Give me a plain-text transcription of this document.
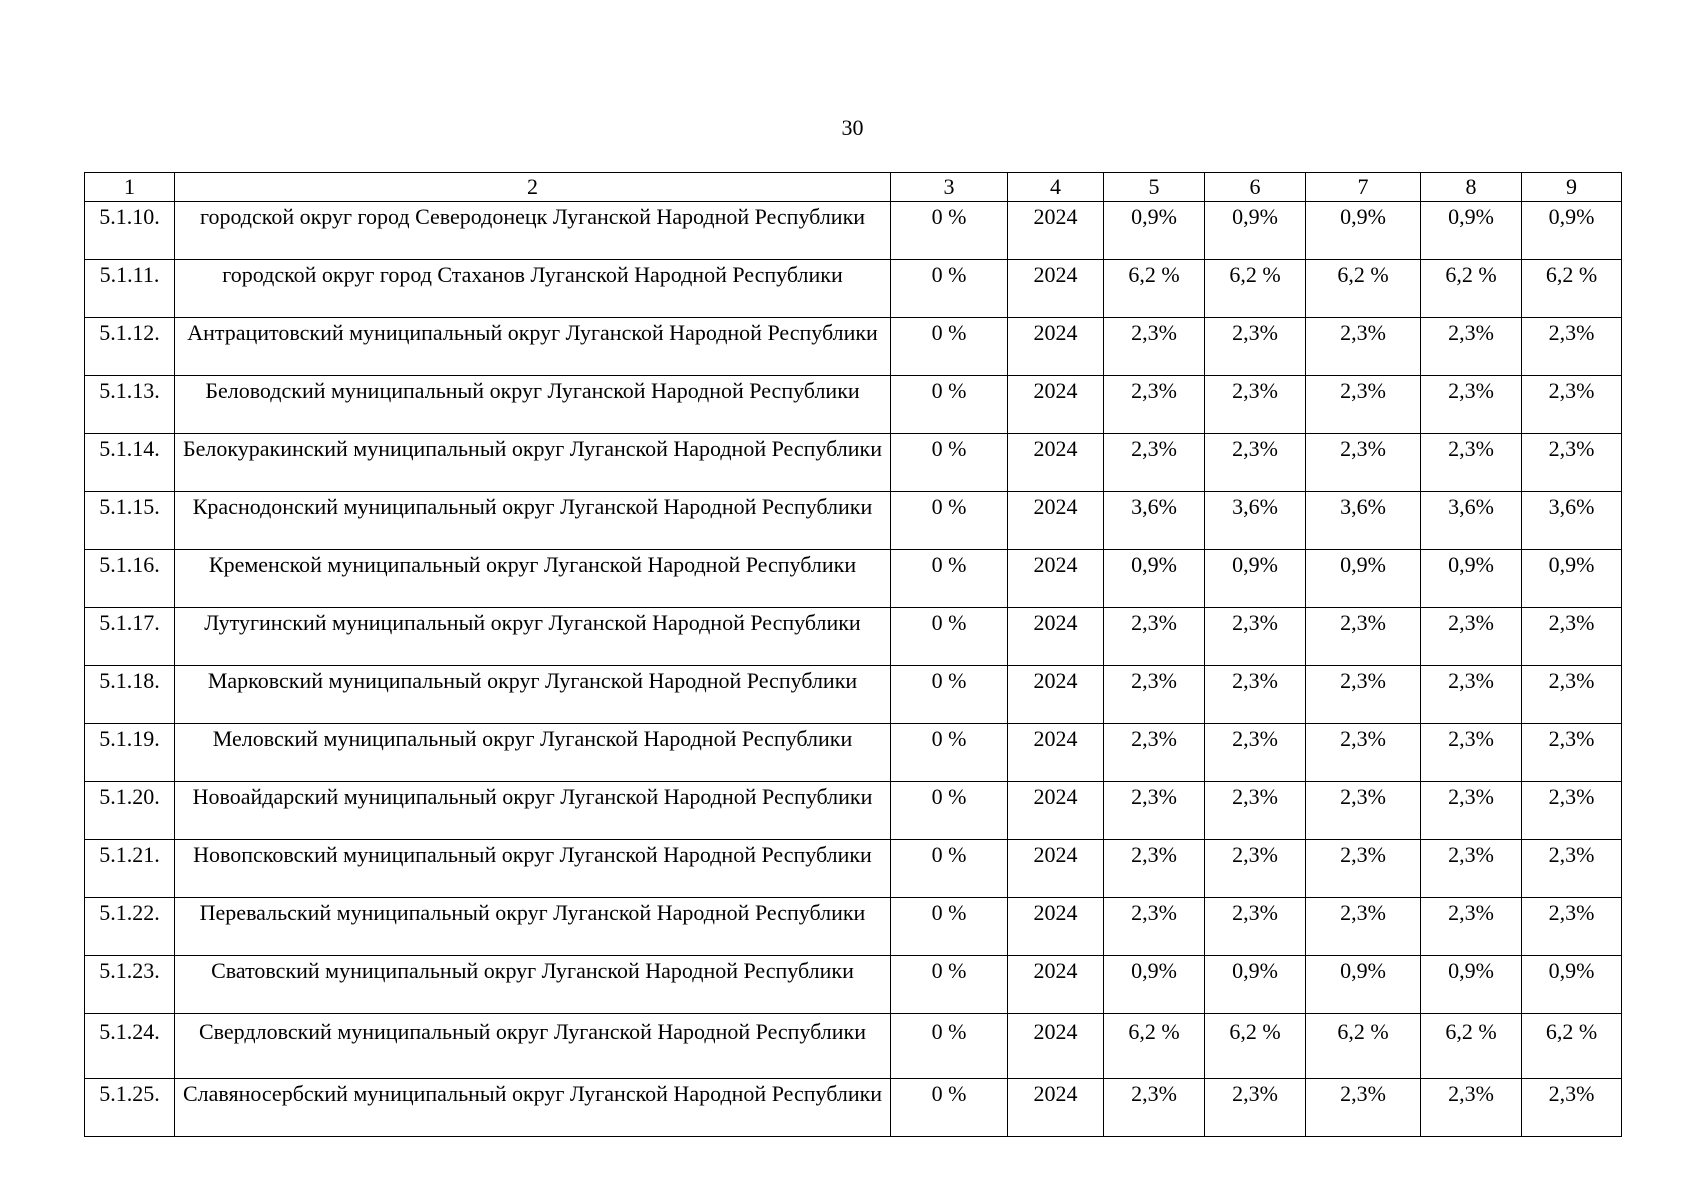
30
1	2	3	4	5	6	7	8	9
5.1.10.	городской округ город Северодонецк Луганской Народной Республики	0 %	2024	0,9%	0,9%	0,9%	0,9%	0,9%
5.1.11.	городской округ город Стаханов Луганской Народной Республики	0 %	2024	6,2 %	6,2 %	6,2 %	6,2 %	6,2 %
5.1.12.	Антрацитовский муниципальный округ Луганской Народной Республики	0 %	2024	2,3%	2,3%	2,3%	2,3%	2,3%
5.1.13.	Беловодский муниципальный округ Луганской Народной Республики	0 %	2024	2,3%	2,3%	2,3%	2,3%	2,3%
5.1.14.	Белокуракинский муниципальный округ Луганской Народной Республики	0 %	2024	2,3%	2,3%	2,3%	2,3%	2,3%
5.1.15.	Краснодонский муниципальный округ Луганской Народной Республики	0 %	2024	3,6%	3,6%	3,6%	3,6%	3,6%
5.1.16.	Кременской муниципальный округ Луганской Народной Республики	0 %	2024	0,9%	0,9%	0,9%	0,9%	0,9%
5.1.17.	Лутугинский муниципальный округ Луганской Народной Республики	0 %	2024	2,3%	2,3%	2,3%	2,3%	2,3%
5.1.18.	Марковский муниципальный округ Луганской Народной Республики	0 %	2024	2,3%	2,3%	2,3%	2,3%	2,3%
5.1.19.	Меловский муниципальный округ Луганской Народной Республики	0 %	2024	2,3%	2,3%	2,3%	2,3%	2,3%
5.1.20.	Новоайдарский муниципальный округ Луганской Народной Республики	0 %	2024	2,3%	2,3%	2,3%	2,3%	2,3%
5.1.21.	Новопсковский муниципальный округ Луганской Народной Республики	0 %	2024	2,3%	2,3%	2,3%	2,3%	2,3%
5.1.22.	Перевальский муниципальный округ Луганской Народной Республики	0 %	2024	2,3%	2,3%	2,3%	2,3%	2,3%
5.1.23.	Сватовский муниципальный округ Луганской Народной Республики	0 %	2024	0,9%	0,9%	0,9%	0,9%	0,9%
5.1.24.	Свердловский муниципальный округ Луганской Народной Республики	0 %	2024	6,2 %	6,2 %	6,2 %	6,2 %	6,2 %
5.1.25.	Славяносербский муниципальный округ Луганской Народной Республики	0 %	2024	2,3%	2,3%	2,3%	2,3%	2,3%
